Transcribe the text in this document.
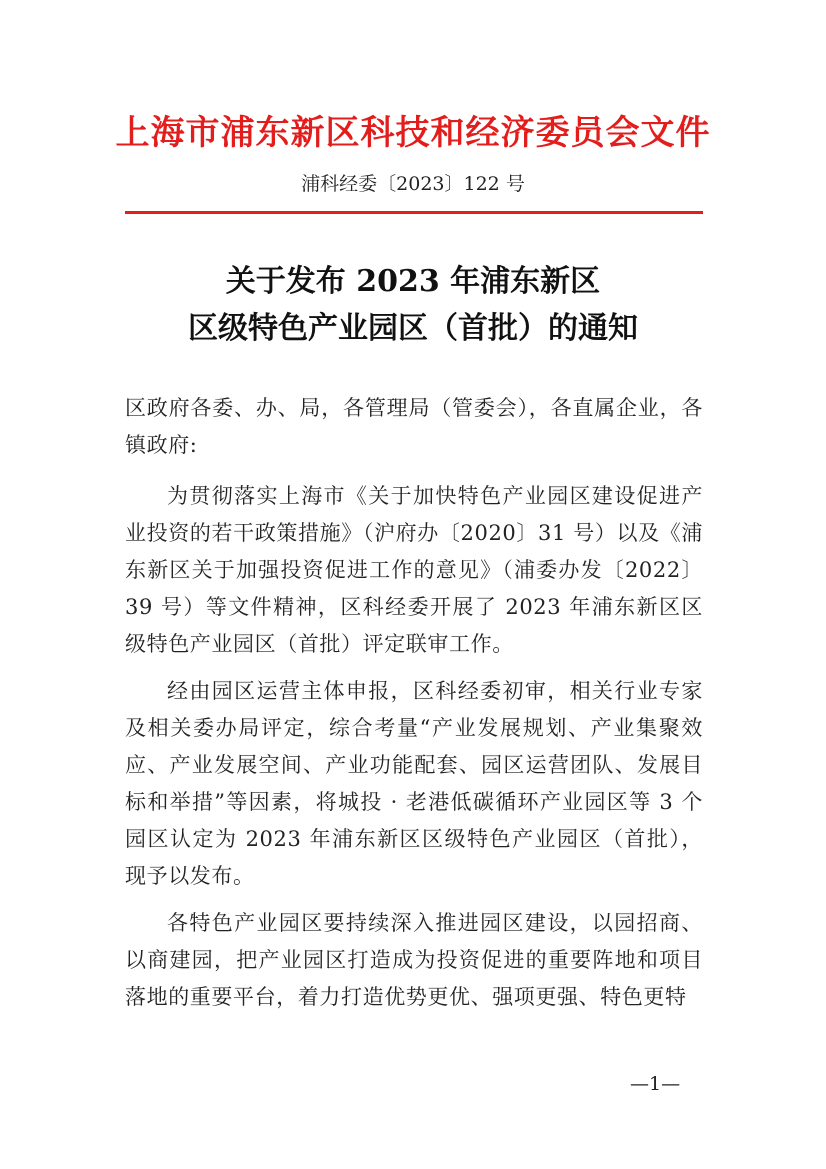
上海市浦东新区科技和经济委员会文件
浦科经委〔2023〕122 号
关于发布 2023 年浦东新区
区级特色产业园区（首批）的通知

区政府各委、办、局，各管理局（管委会），各直属企业，各镇政府:

为贯彻落实上海市《关于加快特色产业园区建设促进产业投资的若干政策措施》（沪府办〔2020〕31 号）以及《浦东新区关于加强投资促进工作的意见》（浦委办发〔2022〕39 号）等文件精神，区科经委开展了 2023 年浦东新区区级特色产业园区（首批）评定联审工作。

经由园区运营主体申报，区科经委初审，相关行业专家及相关委办局评定，综合考量“产业发展规划、产业集聚效应、产业发展空间、产业功能配套、园区运营团队、发展目标和举措”等因素，将城投 · 老港低碳循环产业园区等 3 个园区认定为 2023 年浦东新区区级特色产业园区（首批），现予以发布。

各特色产业园区要持续深入推进园区建设，以园招商、以商建园，把产业园区打造成为投资促进的重要阵地和项目落地的重要平台，着力打造优势更优、强项更强、特色更特

—1—
